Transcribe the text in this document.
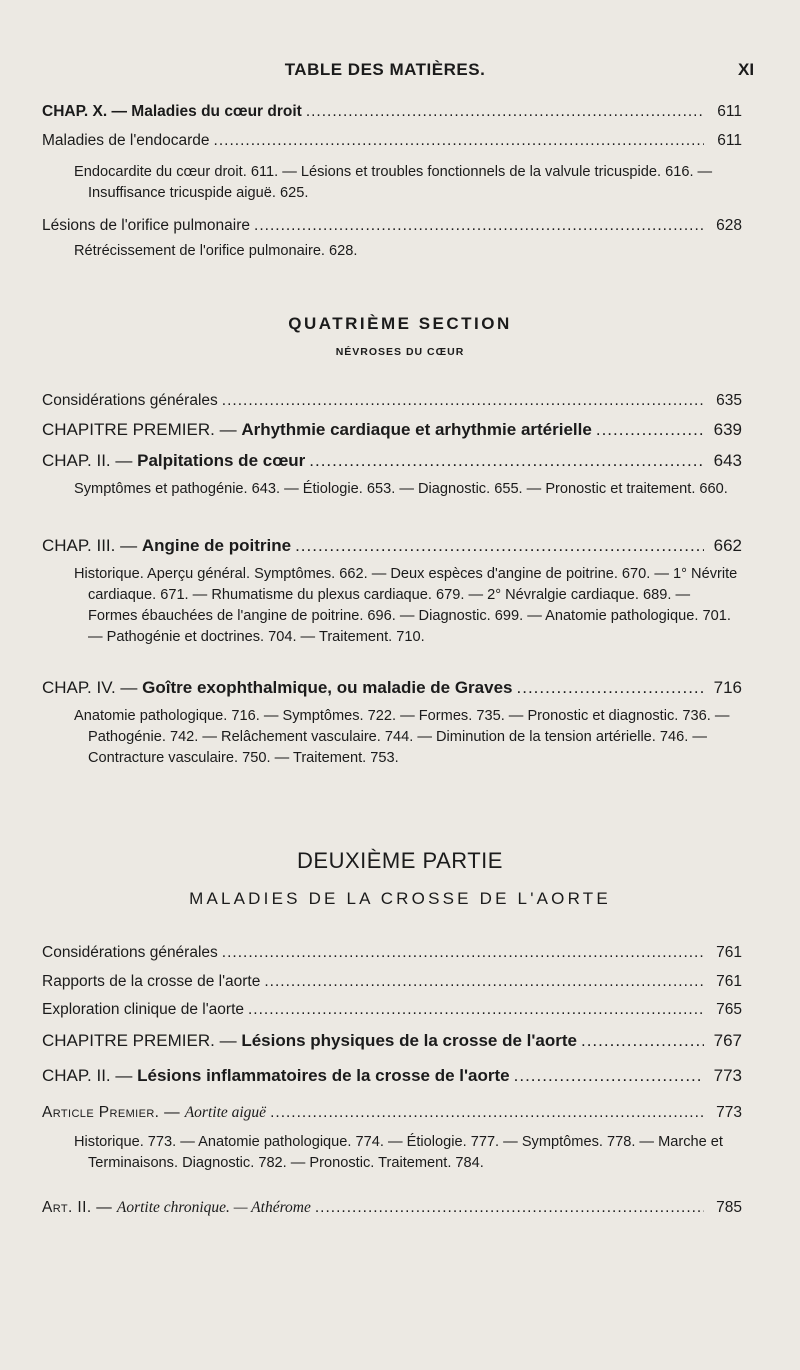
TABLE DES MATIÈRES.	XI
CHAP. X. — Maladies du cœur droit .....	611
Maladies de l'endocarde .....	611
Endocardite du cœur droit. 611. — Lésions et troubles fonctionnels de la valvule tricuspide. 616. — Insuffisance tricuspide aiguë. 625.
Lésions de l'orifice pulmonaire .....	628
Rétrécissement de l'orifice pulmonaire. 628.
QUATRIÈME SECTION
NÉVROSES DU CŒUR
Considérations générales .....	635
CHAPITRE PREMIER. — Arhythmie cardiaque et arhythmie artérielle .....	639
CHAP. II. — Palpitations de cœur .....	643
Symptômes et pathogénie. 643. — Étiologie. 653. — Diagnostic. 655. — Pronostic et traitement. 660.
CHAP. III. — Angine de poitrine .....	662
Historique. Aperçu général. Symptômes. 662. — Deux espèces d'angine de poitrine. 670. — 1° Névrite cardiaque. 671. — Rhumatisme du plexus cardiaque. 679. — 2° Névralgie cardiaque. 689. — Formes ébauchées de l'angine de poitrine. 696. — Diagnostic. 699. — Anatomie pathologique. 701. — Pathogénie et doctrines. 704. — Traitement. 710.
CHAP. IV. — Goître exophthalmique, ou maladie de Graves .....	716
Anatomie pathologique. 716. — Symptômes. 722. — Formes. 735. — Pronostic et diagnostic. 736. — Pathogénie. 742. — Relâchement vasculaire. 744. — Diminution de la tension artérielle. 746. — Contracture vasculaire. 750. — Traitement. 753.
DEUXIÈME PARTIE
MALADIES DE LA CROSSE DE L'AORTE
Considérations générales .....	761
Rapports de la crosse de l'aorte .....	761
Exploration clinique de l'aorte .....	765
CHAPITRE PREMIER. — Lésions physiques de la crosse de l'aorte .....	767
CHAP. II. — Lésions inflammatoires de la crosse de l'aorte .....	773
Article Premier. — Aortite aiguë .....	773
Historique. 773. — Anatomie pathologique. 774. — Étiologie. 777. — Symptômes. 778. — Marche et Terminaisons. Diagnostic. 782. — Pronostic. Traitement. 784.
Art. II. — Aortite chronique. — Athérome .....	785
